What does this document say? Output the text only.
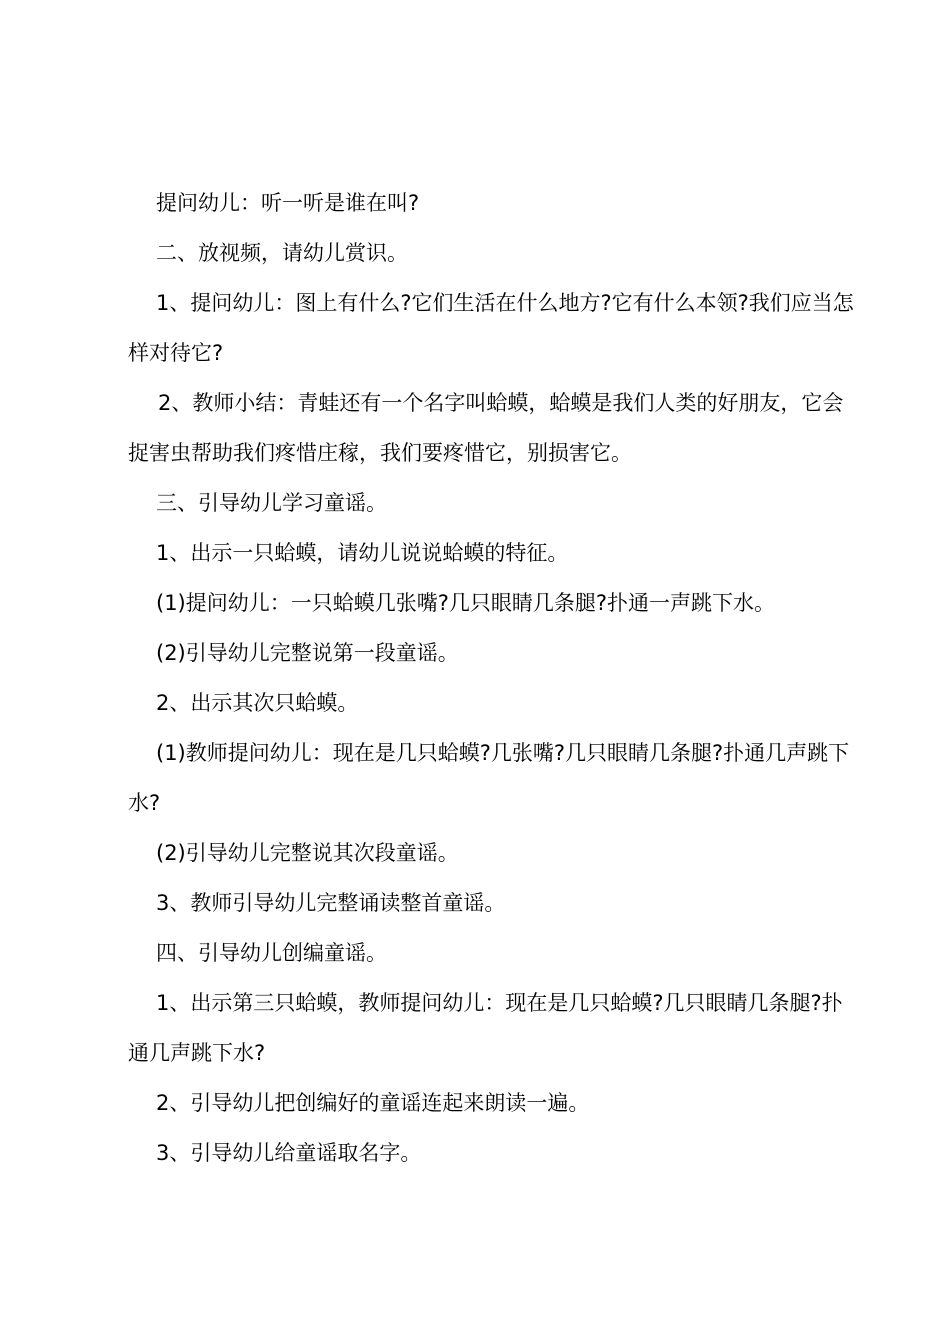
提问幼儿：听一听是谁在叫?

二、放视频，请幼儿赏识。

1、提问幼儿：图上有什么?它们生活在什么地方?它有什么本领?我们应当怎样对待它?

2、教师小结：青蛙还有一个名字叫蛤蟆，蛤蟆是我们人类的好朋友，它会捉害虫帮助我们疼惜庄稼，我们要疼惜它，别损害它。

三、引导幼儿学习童谣。

1、出示一只蛤蟆，请幼儿说说蛤蟆的特征。

(1)提问幼儿：一只蛤蟆几张嘴?几只眼睛几条腿?扑通一声跳下水。

(2)引导幼儿完整说第一段童谣。

2、出示其次只蛤蟆。

(1)教师提问幼儿：现在是几只蛤蟆?几张嘴?几只眼睛几条腿?扑通几声跳下水?

(2)引导幼儿完整说其次段童谣。

3、教师引导幼儿完整诵读整首童谣。

四、引导幼儿创编童谣。

1、出示第三只蛤蟆，教师提问幼儿：现在是几只蛤蟆?几只眼睛几条腿?扑通几声跳下水?

2、引导幼儿把创编好的童谣连起来朗读一遍。

3、引导幼儿给童谣取名字。
